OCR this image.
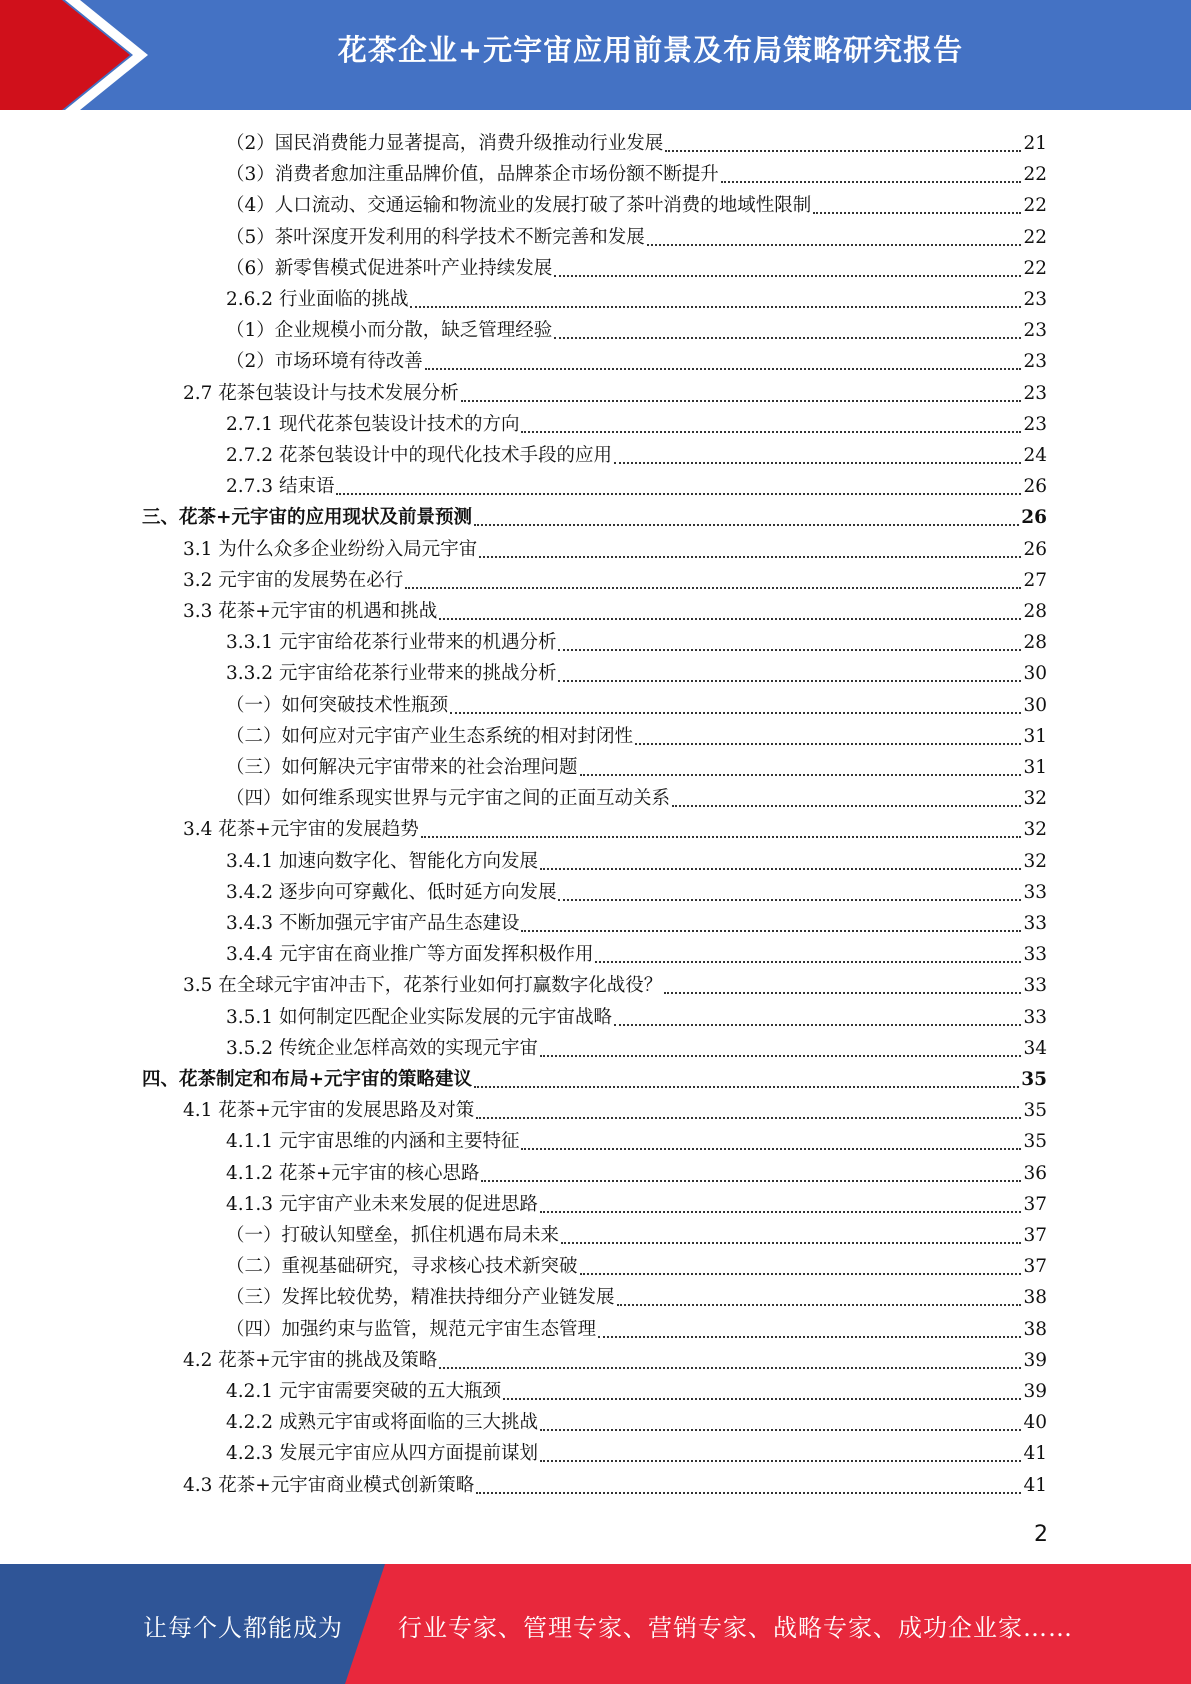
花茶企业+元宇宙应用前景及布局策略研究报告
（2）国民消费能力显著提高，消费升级推动行业发展	21
（3）消费者愈加注重品牌价值，品牌茶企市场份额不断提升	22
（4）人口流动、交通运输和物流业的发展打破了茶叶消费的地域性限制	22
（5）茶叶深度开发利用的科学技术不断完善和发展	22
（6）新零售模式促进茶叶产业持续发展	22
2.6.2 行业面临的挑战	23
（1）企业规模小而分散，缺乏管理经验	23
（2）市场环境有待改善	23
2.7 花茶包装设计与技术发展分析	23
2.7.1 现代花茶包装设计技术的方向	23
2.7.2 花茶包装设计中的现代化技术手段的应用	24
2.7.3 结束语	26
三、花茶+元宇宙的应用现状及前景预测	26
3.1 为什么众多企业纷纷入局元宇宙	26
3.2 元宇宙的发展势在必行	27
3.3 花茶+元宇宙的机遇和挑战	28
3.3.1 元宇宙给花茶行业带来的机遇分析	28
3.3.2 元宇宙给花茶行业带来的挑战分析	30
（一）如何突破技术性瓶颈	30
（二）如何应对元宇宙产业生态系统的相对封闭性	31
（三）如何解决元宇宙带来的社会治理问题	31
（四）如何维系现实世界与元宇宙之间的正面互动关系	32
3.4 花茶+元宇宙的发展趋势	32
3.4.1 加速向数字化、智能化方向发展	32
3.4.2 逐步向可穿戴化、低时延方向发展	33
3.4.3 不断加强元宇宙产品生态建设	33
3.4.4 元宇宙在商业推广等方面发挥积极作用	33
3.5 在全球元宇宙冲击下，花茶行业如何打赢数字化战役？	33
3.5.1 如何制定匹配企业实际发展的元宇宙战略	33
3.5.2 传统企业怎样高效的实现元宇宙	34
四、花茶制定和布局+元宇宙的策略建议	35
4.1 花茶+元宇宙的发展思路及对策	35
4.1.1 元宇宙思维的内涵和主要特征	35
4.1.2 花茶+元宇宙的核心思路	36
4.1.3 元宇宙产业未来发展的促进思路	37
（一）打破认知壁垒，抓住机遇布局未来	37
（二）重视基础研究，寻求核心技术新突破	37
（三）发挥比较优势，精准扶持细分产业链发展	38
（四）加强约束与监管，规范元宇宙生态管理	38
4.2 花茶+元宇宙的挑战及策略	39
4.2.1 元宇宙需要突破的五大瓶颈	39
4.2.2 成熟元宇宙或将面临的三大挑战	40
4.2.3 发展元宇宙应从四方面提前谋划	41
4.3 花茶+元宇宙商业模式创新策略	41
2
让每个人都能成为 行业专家、管理专家、营销专家、战略专家、成功企业家……
